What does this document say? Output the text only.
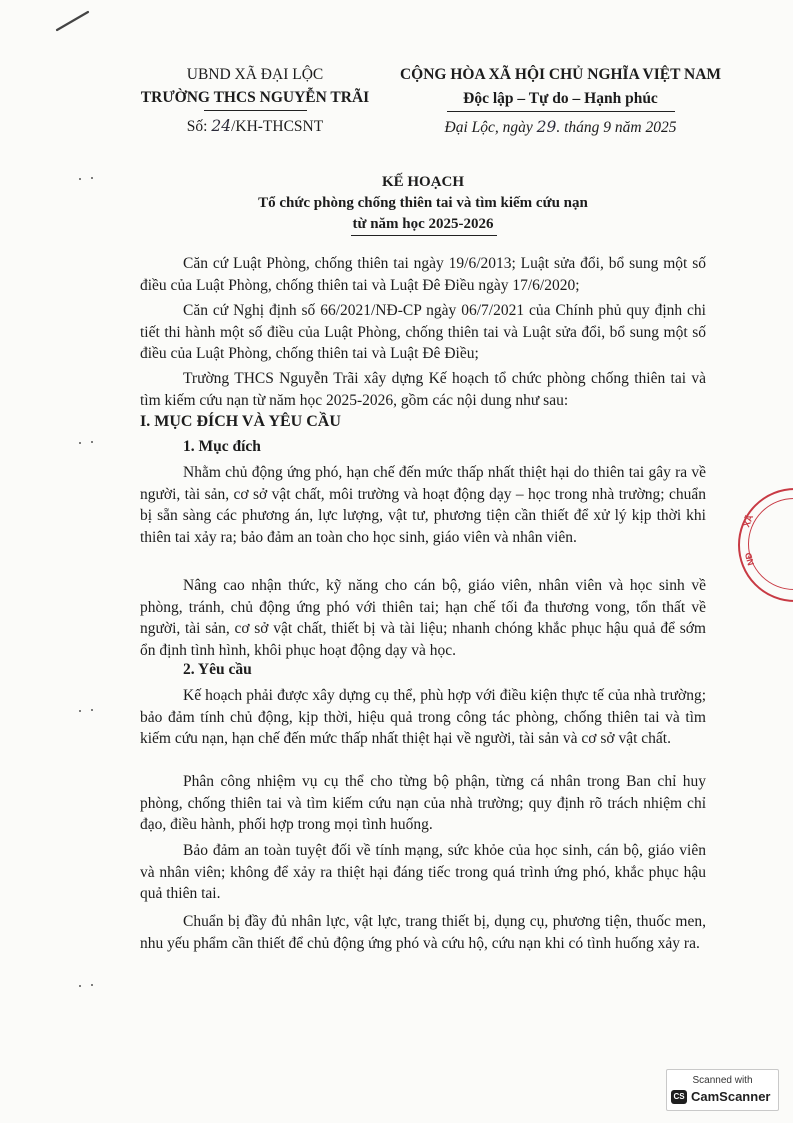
UBND XÃ ĐẠI LỘC
TRƯỜNG THCS NGUYỄN TRÃI
Số: 24/KH-THCSNT
CỘNG HÒA XÃ HỘI CHỦ NGHĨA VIỆT NAM
Độc lập – Tự do – Hạnh phúc
Đại Lộc, ngày 29. tháng 9 năm 2025
KẾ HOẠCH
Tổ chức phòng chống thiên tai và tìm kiếm cứu nạn
từ năm học 2025-2026
Căn cứ Luật Phòng, chống thiên tai ngày 19/6/2013; Luật sửa đổi, bổ sung một số điều của Luật Phòng, chống thiên tai và Luật Đê Điều ngày 17/6/2020;
Căn cứ Nghị định số 66/2021/NĐ-CP ngày 06/7/2021 của Chính phủ quy định chi tiết thi hành một số điều của Luật Phòng, chống thiên tai và Luật sửa đổi, bổ sung một số điều của Luật Phòng, chống thiên tai và Luật Đê Điều;
Trường THCS Nguyễn Trãi xây dựng Kế hoạch tổ chức phòng chống thiên tai và tìm kiếm cứu nạn từ năm học 2025-2026, gồm các nội dung như sau:
I. MỤC ĐÍCH VÀ YÊU CẦU
1. Mục đích
Nhằm chủ động ứng phó, hạn chế đến mức thấp nhất thiệt hại do thiên tai gây ra về người, tài sản, cơ sở vật chất, môi trường và hoạt động dạy – học trong nhà trường; chuẩn bị sẵn sàng các phương án, lực lượng, vật tư, phương tiện cần thiết để xử lý kịp thời khi thiên tai xảy ra; bảo đảm an toàn cho học sinh, giáo viên và nhân viên.
Nâng cao nhận thức, kỹ năng cho cán bộ, giáo viên, nhân viên và học sinh về phòng, tránh, chủ động ứng phó với thiên tai; hạn chế tối đa thương vong, tổn thất về người, tài sản, cơ sở vật chất, thiết bị và tài liệu; nhanh chóng khắc phục hậu quả để sớm ổn định tình hình, khôi phục hoạt động dạy và học.
2. Yêu cầu
Kế hoạch phải được xây dựng cụ thể, phù hợp với điều kiện thực tế của nhà trường; bảo đảm tính chủ động, kịp thời, hiệu quả trong công tác phòng, chống thiên tai và tìm kiếm cứu nạn, hạn chế đến mức thấp nhất thiệt hại về người, tài sản và cơ sở vật chất.
Phân công nhiệm vụ cụ thể cho từng bộ phận, từng cá nhân trong Ban chỉ huy phòng, chống thiên tai và tìm kiếm cứu nạn của nhà trường; quy định rõ trách nhiệm chỉ đạo, điều hành, phối hợp trong mọi tình huống.
Bảo đảm an toàn tuyệt đối về tính mạng, sức khỏe của học sinh, cán bộ, giáo viên và nhân viên; không để xảy ra thiệt hại đáng tiếc trong quá trình ứng phó, khắc phục hậu quả thiên tai.
Chuẩn bị đầy đủ nhân lực, vật lực, trang thiết bị, dụng cụ, phương tiện, thuốc men, nhu yếu phẩm cần thiết để chủ động ứng phó và cứu hộ, cứu nạn khi có tình huống xảy ra.
XÃ
NĐ
Scanned with
CS CamScanner
